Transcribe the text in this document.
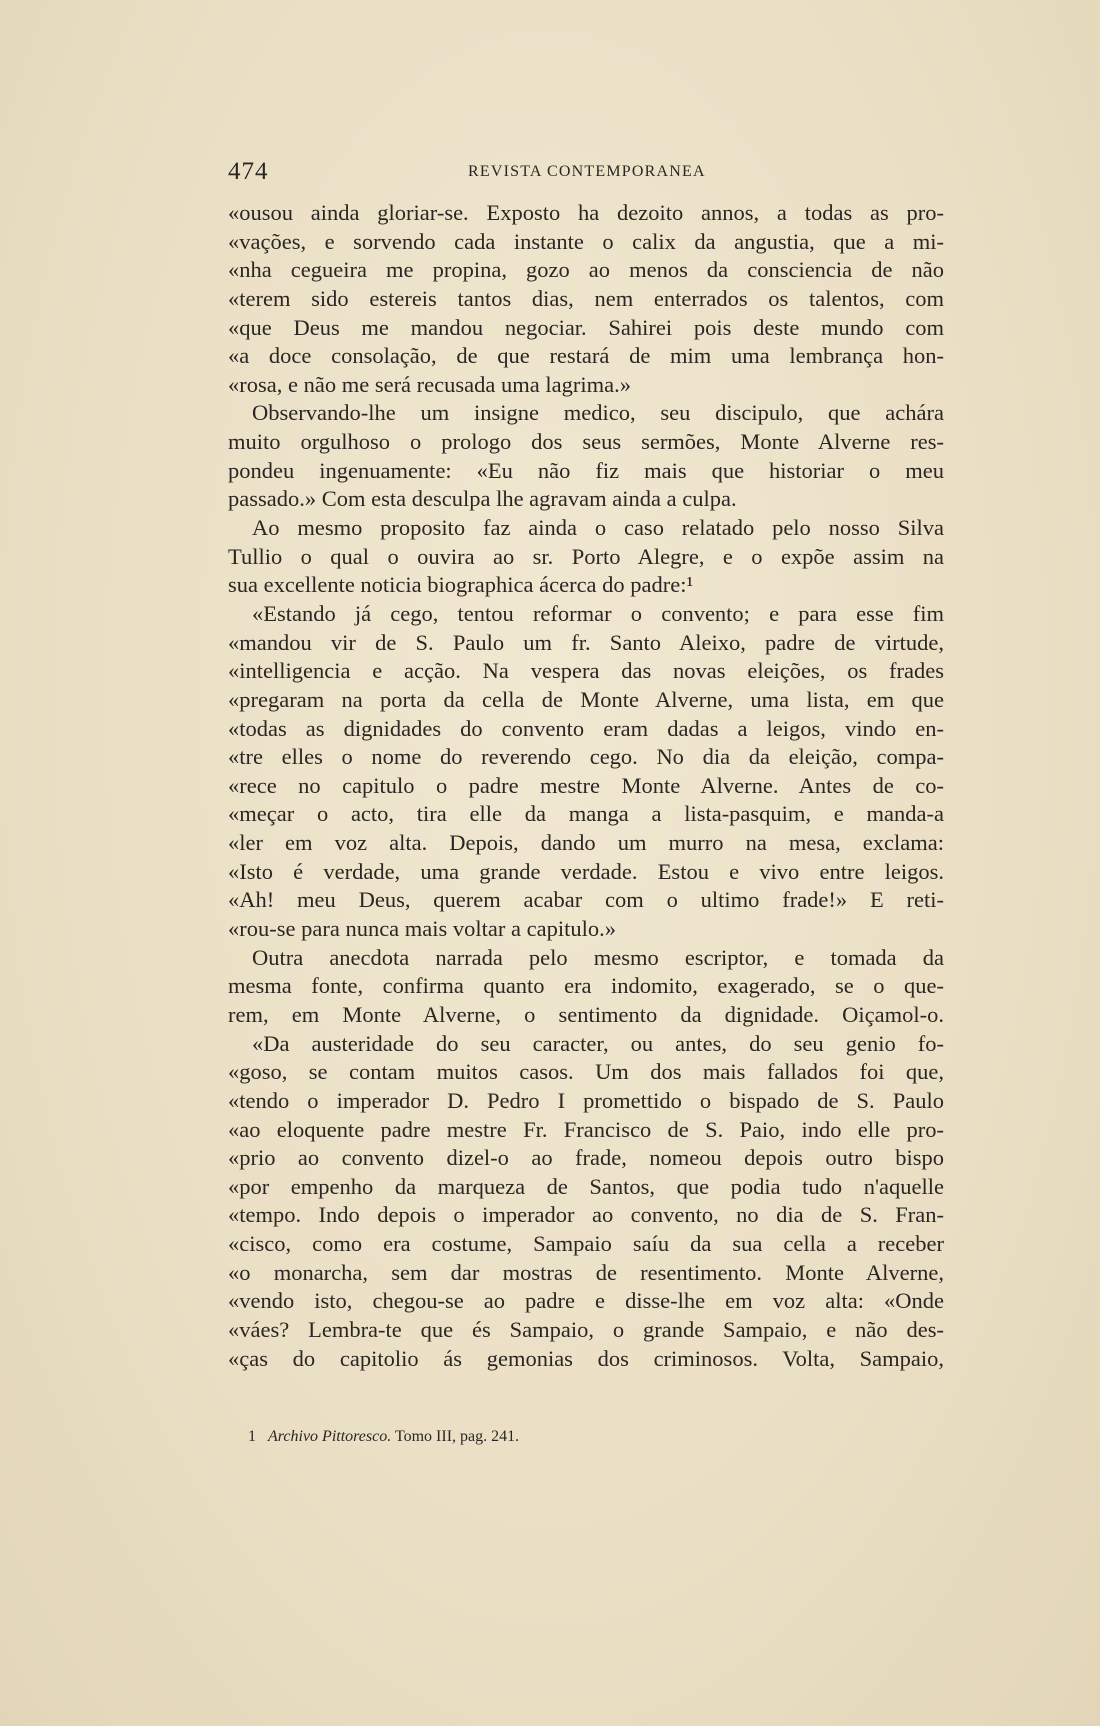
474	REVISTA CONTEMPORANEA
«ousou ainda gloriar-se. Exposto ha dezoito annos, a todas as pro-
«vações, e sorvendo cada instante o calix da angustia, que a mi-
«nha cegueira me propina, gozo ao menos da consciencia de não
«terem sido estereis tantos dias, nem enterrados os talentos, com
«que Deus me mandou negociar. Sahirei pois deste mundo com
«a doce consolação, de que restará de mim uma lembrança hon-
«rosa, e não me será recusada uma lagrima.»
Observando-lhe um insigne medico, seu discipulo, que achára
muito orgulhoso o prologo dos seus sermões, Monte Alverne res-
pondeu ingenuamente: «Eu não fiz mais que historiar o meu
passado.» Com esta desculpa lhe agravam ainda a culpa.
Ao mesmo proposito faz ainda o caso relatado pelo nosso Silva
Tullio o qual o ouvira ao sr. Porto Alegre, e o expõe assim na
sua excellente noticia biographica ácerca do padre:¹
«Estando já cego, tentou reformar o convento; e para esse fim
«mandou vir de S. Paulo um fr. Santo Aleixo, padre de virtude,
«intelligencia e acção. Na vespera das novas eleições, os frades
«pregaram na porta da cella de Monte Alverne, uma lista, em que
«todas as dignidades do convento eram dadas a leigos, vindo en-
«tre elles o nome do reverendo cego. No dia da eleição, compa-
«rece no capitulo o padre mestre Monte Alverne. Antes de co-
«meçar o acto, tira elle da manga a lista-pasquim, e manda-a
«ler em voz alta. Depois, dando um murro na mesa, exclama:
«Isto é verdade, uma grande verdade. Estou e vivo entre leigos.
«Ah! meu Deus, querem acabar com o ultimo frade!» E reti-
«rou-se para nunca mais voltar a capitulo.»
Outra anecdota narrada pelo mesmo escriptor, e tomada da
mesma fonte, confirma quanto era indomito, exagerado, se o que-
rem, em Monte Alverne, o sentimento da dignidade. Oiçamol-o.
«Da austeridade do seu caracter, ou antes, do seu genio fo-
«goso, se contam muitos casos. Um dos mais fallados foi que,
«tendo o imperador D. Pedro I promettido o bispado de S. Paulo
«ao eloquente padre mestre Fr. Francisco de S. Paio, indo elle pro-
«prio ao convento dizel-o ao frade, nomeou depois outro bispo
«por empenho da marqueza de Santos, que podia tudo n'aquelle
«tempo. Indo depois o imperador ao convento, no dia de S. Fran-
«cisco, como era costume, Sampaio saíu da sua cella a receber
«o monarcha, sem dar mostras de resentimento. Monte Alverne,
«vendo isto, chegou-se ao padre e disse-lhe em voz alta: «Onde
«váes? Lembra-te que és Sampaio, o grande Sampaio, e não des-
«ças do capitolio ás gemonias dos criminosos. Volta, Sampaio,
1 Archivo Pittoresco. Tomo III, pag. 241.
